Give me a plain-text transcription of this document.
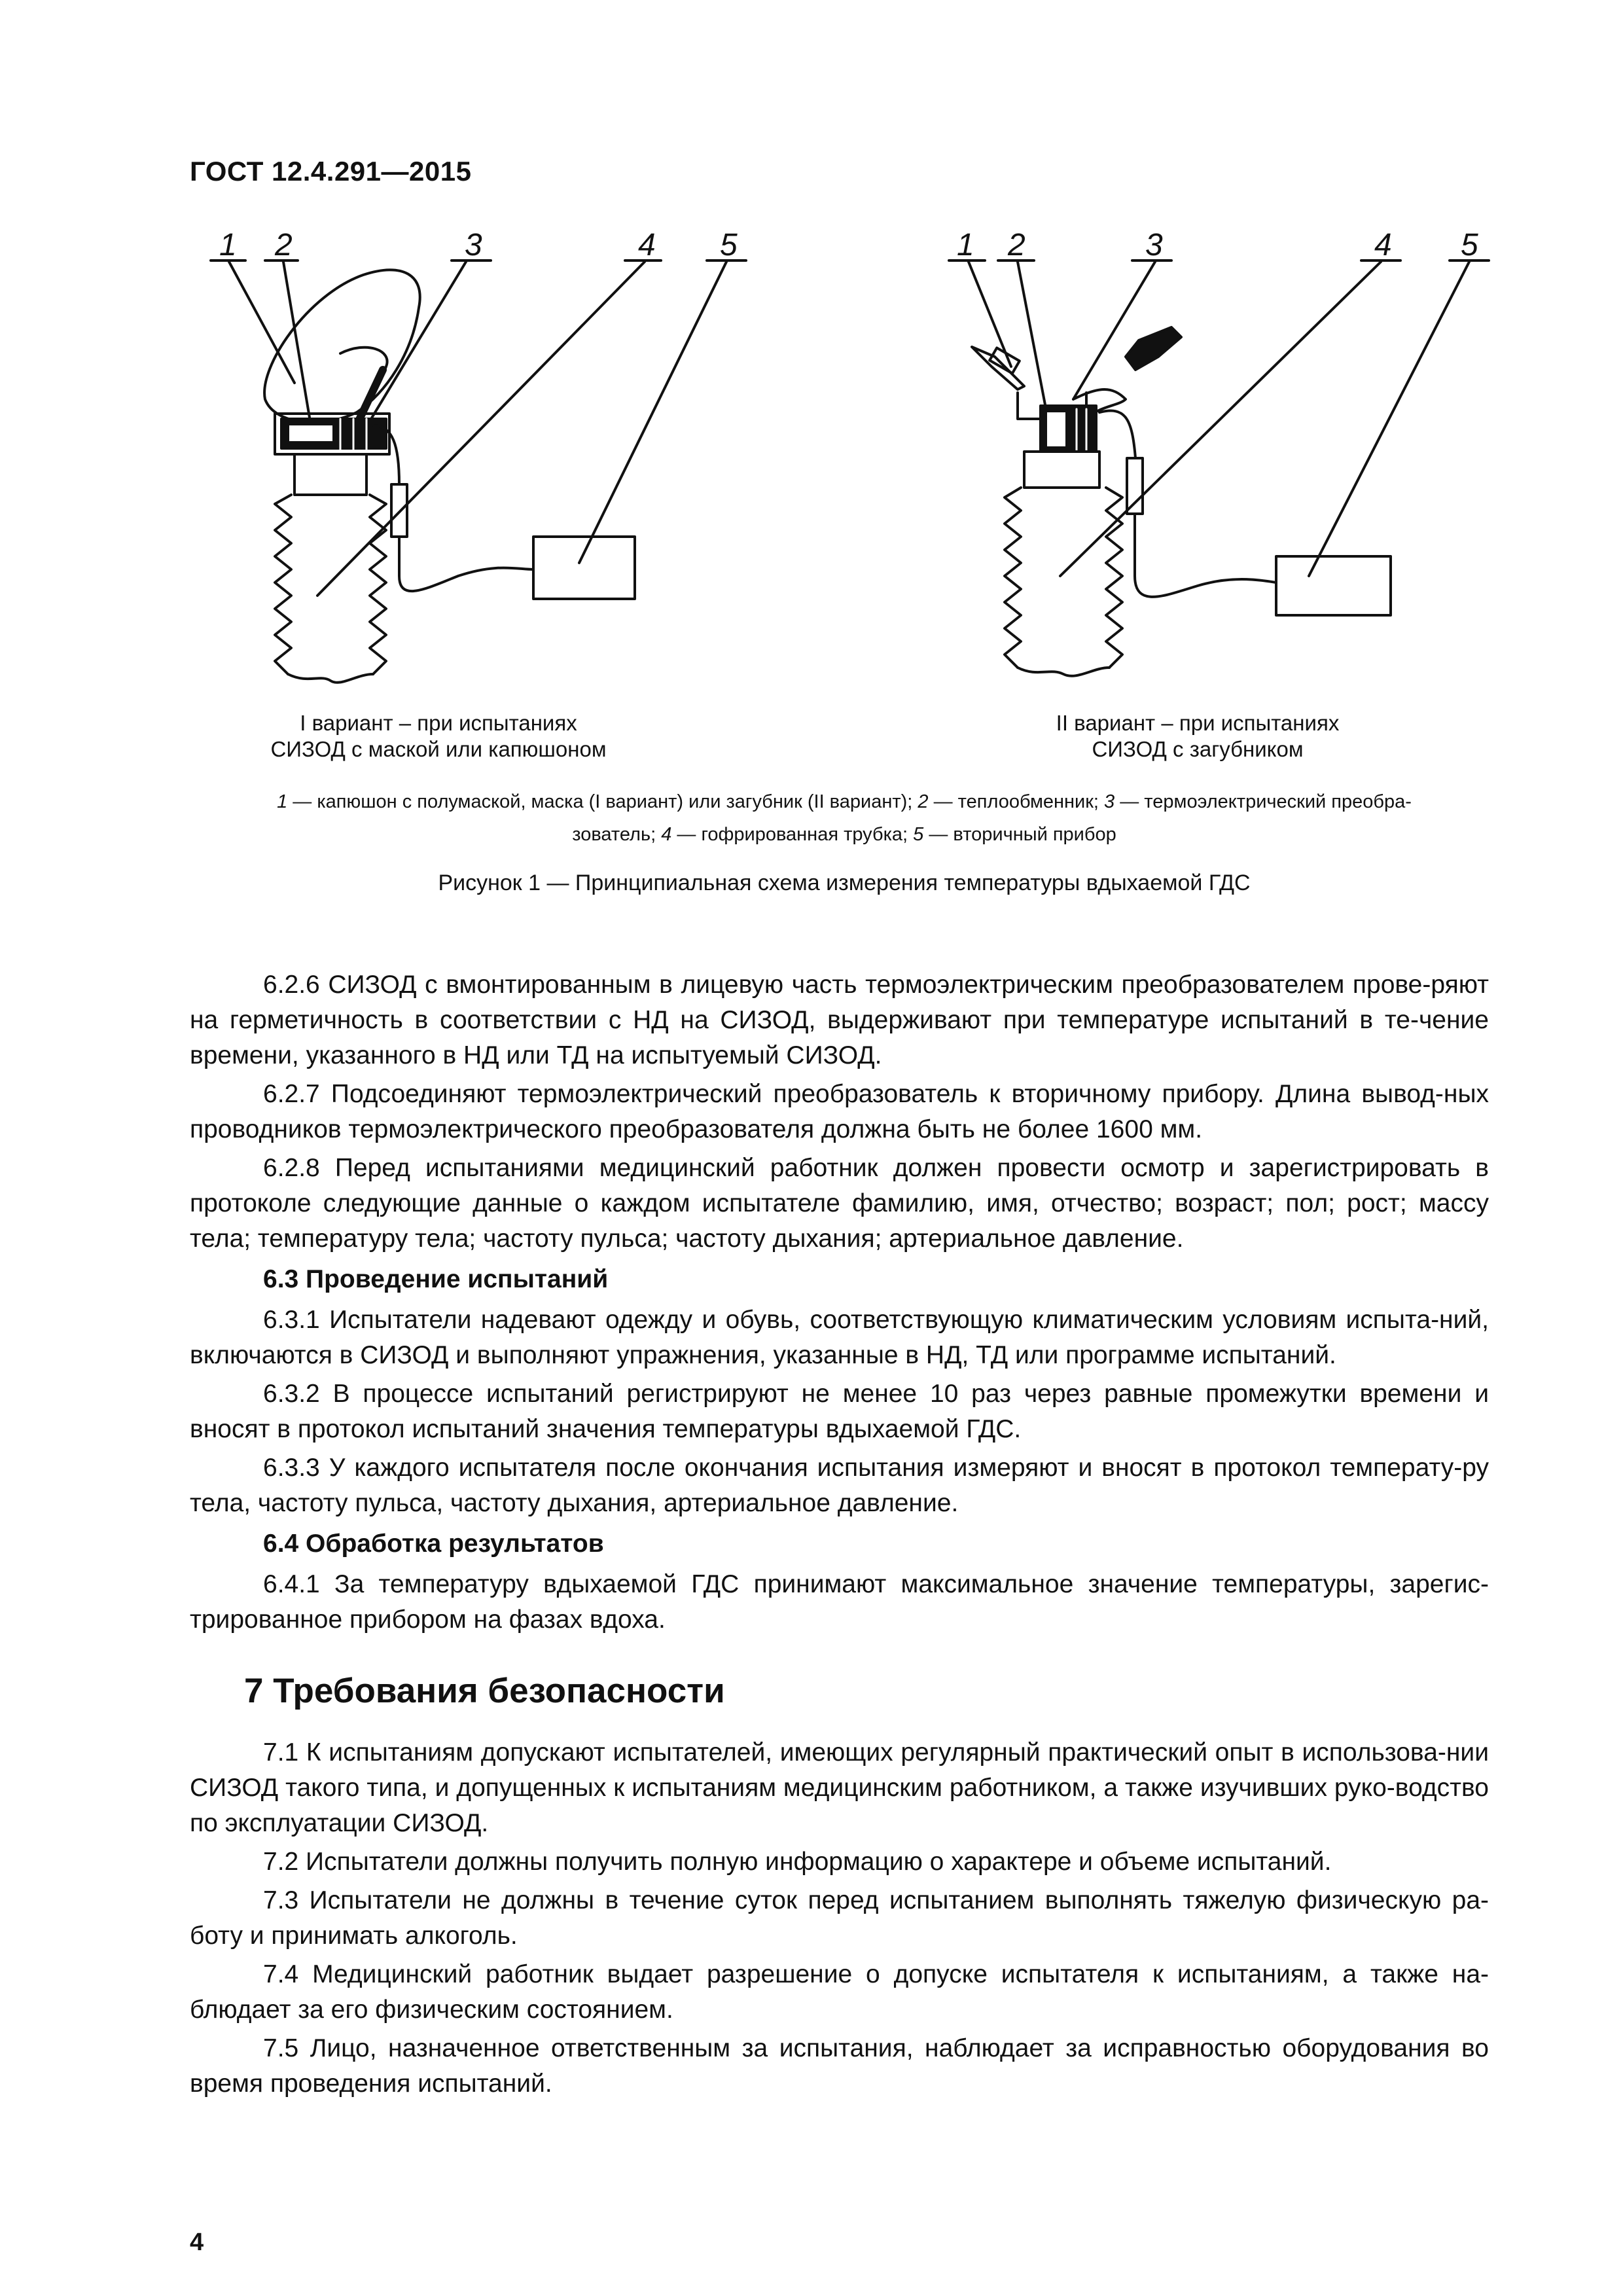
ГОСТ 12.4.291—2015
1 2	3	4 5	1 2	3	4 5
I вариант – при испытаниях
СИЗОД с маской или капюшоном
II вариант – при испытаниях
СИЗОД с загубником
1 — капюшон с полумаской, маска (I вариант) или загубник (II вариант); 2 — теплообменник; 3 — термоэлектрический преобра-
зователь; 4 — гофрированная трубка; 5 — вторичный прибор
Рисунок 1 — Принципиальная схема измерения температуры вдыхаемой ГДС

6.2.6 СИЗОД с вмонтированным в лицевую часть термоэлектрическим преобразователем прове-ряют на герметичность в соответствии с НД на СИЗОД, выдерживают при температуре испытаний в те-чение времени, указанного в НД или ТД на испытуемый СИЗОД.

6.2.7 Подсоединяют термоэлектрический преобразователь к вторичному прибору. Длина вывод-ных проводников термоэлектрического преобразователя должна быть не более 1600 мм.

6.2.8 Перед испытаниями медицинский работник должен провести осмотр и зарегистрировать в протоколе следующие данные о каждом испытателе фамилию, имя, отчество; возраст; пол; рост; массу тела; температуру тела; частоту пульса; частоту дыхания; артериальное давление.

6.3 Проведение испытаний

6.3.1 Испытатели надевают одежду и обувь, соответствующую климатическим условиям испыта-ний, включаются в СИЗОД и выполняют упражнения, указанные в НД, ТД или программе испытаний.

6.3.2 В процессе испытаний регистрируют не менее 10 раз через равные промежутки времени и вносят в протокол испытаний значения температуры вдыхаемой ГДС.

6.3.3 У каждого испытателя после окончания испытания измеряют и вносят в протокол температу-ру тела, частоту пульса, частоту дыхания, артериальное давление.

6.4 Обработка результатов

6.4.1 За температуру вдыхаемой ГДС принимают максимальное значение температуры, зарегис-трированное прибором на фазах вдоха.

7 Требования безопасности

7.1 К испытаниям допускают испытателей, имеющих регулярный практический опыт в использова-нии СИЗОД такого типа, и допущенных к испытаниям медицинским работником, а также изучивших руко-водство по эксплуатации СИЗОД.

7.2 Испытатели должны получить полную информацию о характере и объеме испытаний.

7.3 Испытатели не должны в течение суток перед испытанием выполнять тяжелую физическую ра-боту и принимать алкоголь.

7.4 Медицинский работник выдает разрешение о допуске испытателя к испытаниям, а также на-блюдает за его физическим состоянием.

7.5 Лицо, назначенное ответственным за испытания, наблюдает за исправностью оборудования во время проведения испытаний.

4
